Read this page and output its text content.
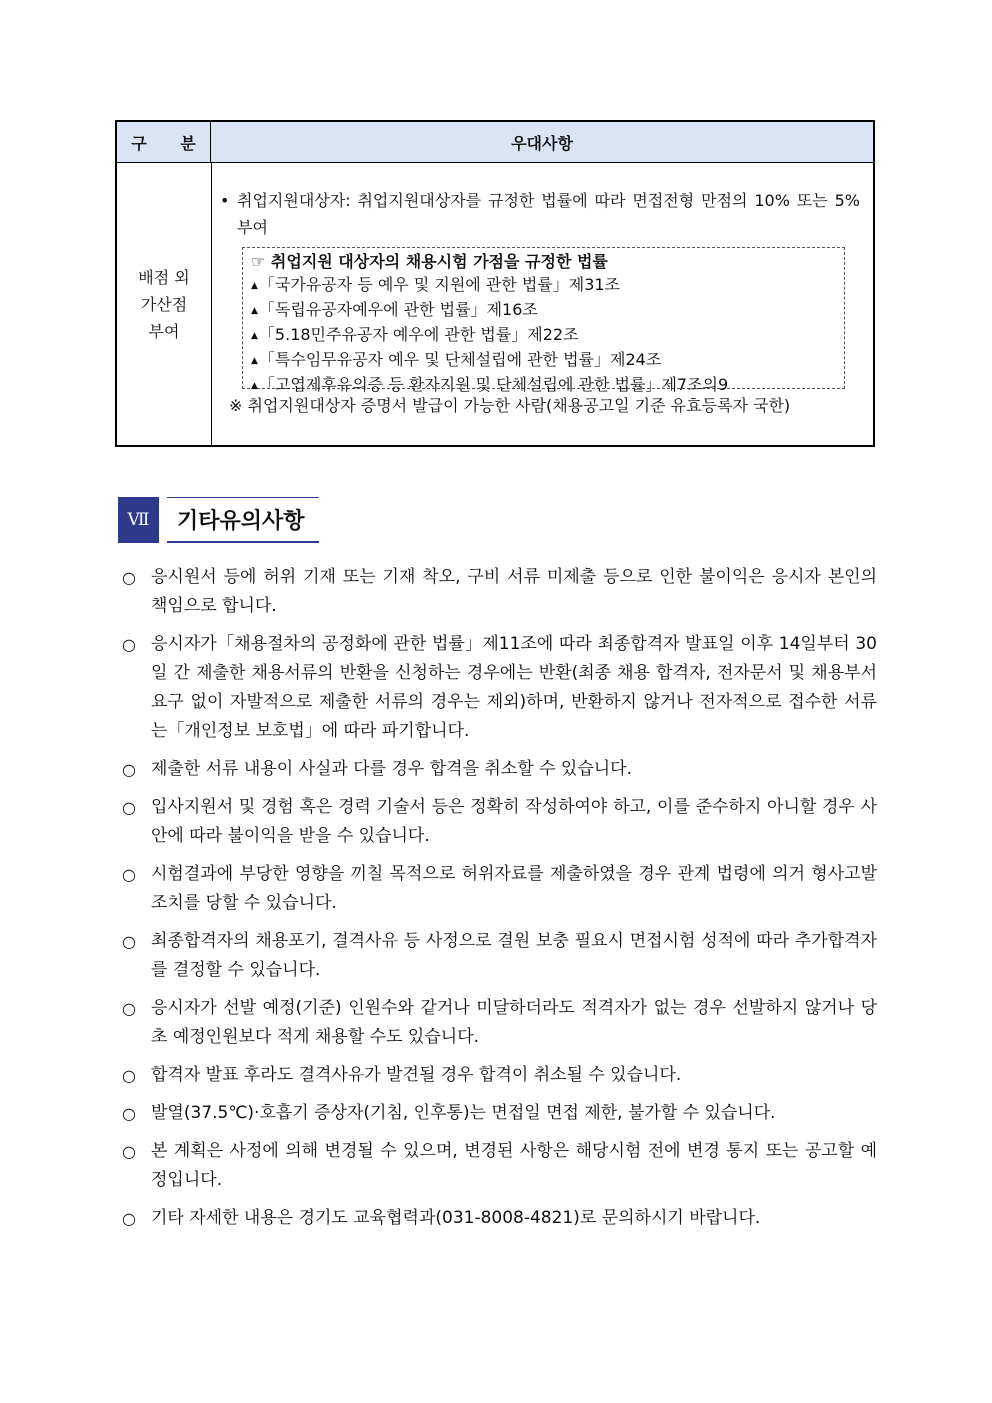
구 분	우대사항
배점 외
가산점
부여
• 취업지원대상자: 취업지원대상자를 규정한 법률에 따라 면접전형 만점의 10% 또는 5% 부여
☞ 취업지원 대상자의 채용시험 가점을 규정한 법률
▲「국가유공자 등 예우 및 지원에 관한 법률」제31조
▲「독립유공자예우에 관한 법률」제16조
▲「5.18민주유공자 예우에 관한 법률」제22조
▲「특수임무유공자 예우 및 단체설립에 관한 법률」제24조
▲「고엽제후유의증 등 환자지원 및 단체설립에 관한 법률」제7조의9
※ 취업지원대상자 증명서 발급이 가능한 사람(채용공고일 기준 유효등록자 국한)
Ⅶ	기타유의사항
○ 응시원서 등에 허위 기재 또는 기재 착오, 구비 서류 미제출 등으로 인한 불이익은 응시자 본인의 책임으로 합니다.
○ 응시자가「채용절차의 공정화에 관한 법률」제11조에 따라 최종합격자 발표일 이후 14일부터 30일 간 제출한 채용서류의 반환을 신청하는 경우에는 반환(최종 채용 합격자, 전자문서 및 채용부서 요구 없이 자발적으로 제출한 서류의 경우는 제외)하며, 반환하지 않거나 전자적으로 접수한 서류는「개인정보 보호법」에 따라 파기합니다.
○ 제출한 서류 내용이 사실과 다를 경우 합격을 취소할 수 있습니다.
○ 입사지원서 및 경험 혹은 경력 기술서 등은 정확히 작성하여야 하고, 이를 준수하지 아니할 경우 사안에 따라 불이익을 받을 수 있습니다.
○ 시험결과에 부당한 영향을 끼칠 목적으로 허위자료를 제출하였을 경우 관계 법령에 의거 형사고발 조치를 당할 수 있습니다.
○ 최종합격자의 채용포기, 결격사유 등 사정으로 결원 보충 필요시 면접시험 성적에 따라 추가합격자를 결정할 수 있습니다.
○ 응시자가 선발 예정(기준) 인원수와 같거나 미달하더라도 적격자가 없는 경우 선발하지 않거나 당초 예정인원보다 적게 채용할 수도 있습니다.
○ 합격자 발표 후라도 결격사유가 발견될 경우 합격이 취소될 수 있습니다.
○ 발열(37.5℃)·호흡기 증상자(기침, 인후통)는 면접일 면접 제한, 불가할 수 있습니다.
○ 본 계획은 사정에 의해 변경될 수 있으며, 변경된 사항은 해당시험 전에 변경 통지 또는 공고할 예정입니다.
○ 기타 자세한 내용은 경기도 교육협력과(031-8008-4821)로 문의하시기 바랍니다.
